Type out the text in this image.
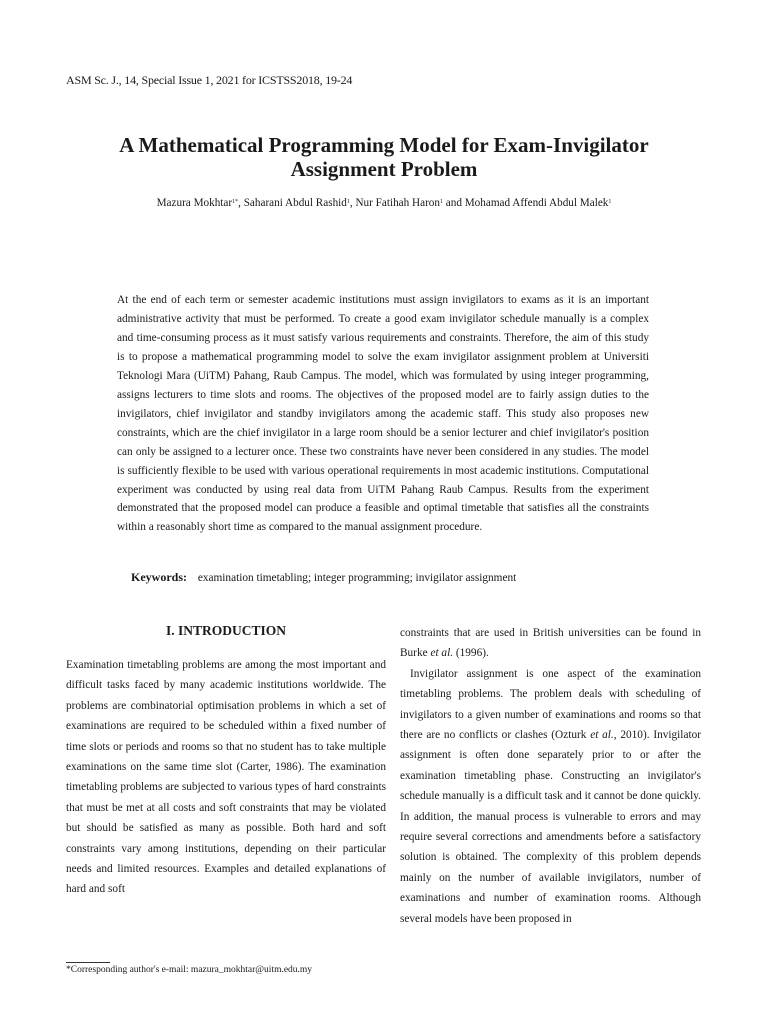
ASM Sc. J., 14, Special Issue 1, 2021 for ICSTSS2018, 19-24
A Mathematical Programming Model for Exam-Invigilator Assignment Problem
Mazura Mokhtar$^{1*}$, Saharani Abdul Rashid$^1$, Nur Fatihah Haron$^1$ and Mohamad Affendi Abdul Malek$^1$

At the end of each term or semester academic institutions must assign invigilators to exams as it is an important administrative activity that must be performed. To create a good exam invigilator schedule manually is a complex and time-consuming process as it must satisfy various requirements and constraints. Therefore, the aim of this study is to propose a mathematical programming model to solve the exam invigilator assignment problem at Universiti Teknologi Mara (UiTM) Pahang, Raub Campus. The model, which was formulated by using integer programming, assigns lecturers to time slots and rooms. The objectives of the proposed model are to fairly assign duties to the invigilators, chief invigilator and standby invigilators among the academic staff. This study also proposes new constraints, which are the chief invigilator in a large room should be a senior lecturer and chief invigilator's position can only be assigned to a lecturer once. These two constraints have never been considered in any studies. The model is sufficiently flexible to be used with various operational requirements in most academic institutions. Computational experiment was conducted by using real data from UiTM Pahang Raub Campus. Results from the experiment demonstrated that the proposed model can produce a feasible and optimal timetable that satisfies all the constraints within a reasonably short time as compared to the manual assignment procedure.

Keywords: examination timetabling; integer programming; invigilator assignment
I. INTRODUCTION

Examination timetabling problems are among the most important and difficult tasks faced by many academic institutions worldwide. The problems are combinatorial optimisation problems in which a set of examinations are required to be scheduled within a fixed number of time slots or periods and rooms so that no student has to take multiple examinations on the same time slot (Carter, 1986). The examination timetabling problems are subjected to various types of hard constraints that must be met at all costs and soft constraints that may be violated but should be satisfied as many as possible. Both hard and soft constraints vary among institutions, depending on their particular needs and limited resources. Examples and detailed explanations of hard and soft

constraints that are used in British universities can be found in Burke et al. (1996).

Invigilator assignment is one aspect of the examination timetabling problems. The problem deals with scheduling of invigilators to a given number of examinations and rooms so that there are no conflicts or clashes (Ozturk et al., 2010). Invigilator assignment is often done separately prior to or after the examination timetabling phase. Constructing an invigilator's schedule manually is a difficult task and it cannot be done quickly. In addition, the manual process is vulnerable to errors and may require several corrections and amendments before a satisfactory solution is obtained. The complexity of this problem depends mainly on the number of available invigilators, number of examinations and number of examination rooms. Although several models have been proposed in

*Corresponding author's e-mail: mazura_mokhtar@uitm.edu.my
